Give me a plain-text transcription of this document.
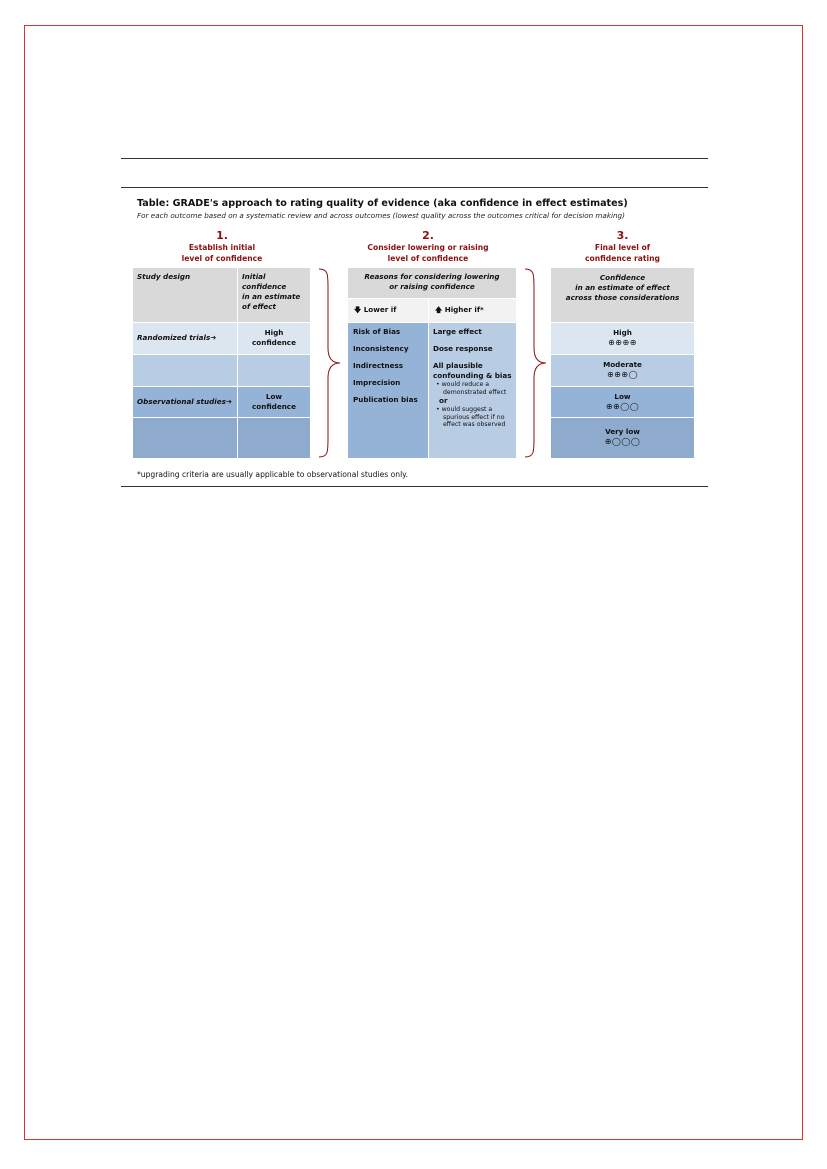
Table: GRADE's approach to rating quality of evidence (aka confidence in effect estimates)
For each outcome based on a systematic review and across outcomes (lowest quality across the outcomes critical for decision making)
1.
Establish initial
level of confidence
2.
Consider lowering or raising
level of confidence
3.
Final level of
confidence rating
Study design	Initial
confidence
in an estimate
of effect
Randomized trials➔
High
confidence
Observational studies➔
Low
confidence
Reasons for considering lowering
or raising confidence
🡇 Lower if	🡅 Higher if*
Risk of Bias
Inconsistency
Indirectness
Imprecision
Publication bias
Large effect
Dose response
All plausible
confounding & bias
• would reduce a
demonstrated effect
or
• would suggest a
spurious effect if no
effect was observed
Confidence
in an estimate of effect
across those considerations
High
⊕⊕⊕⊕
Moderate
⊕⊕⊕◯
Low
⊕⊕◯◯
Very low
⊕◯◯◯
*upgrading criteria are usually applicable to observational studies only.
